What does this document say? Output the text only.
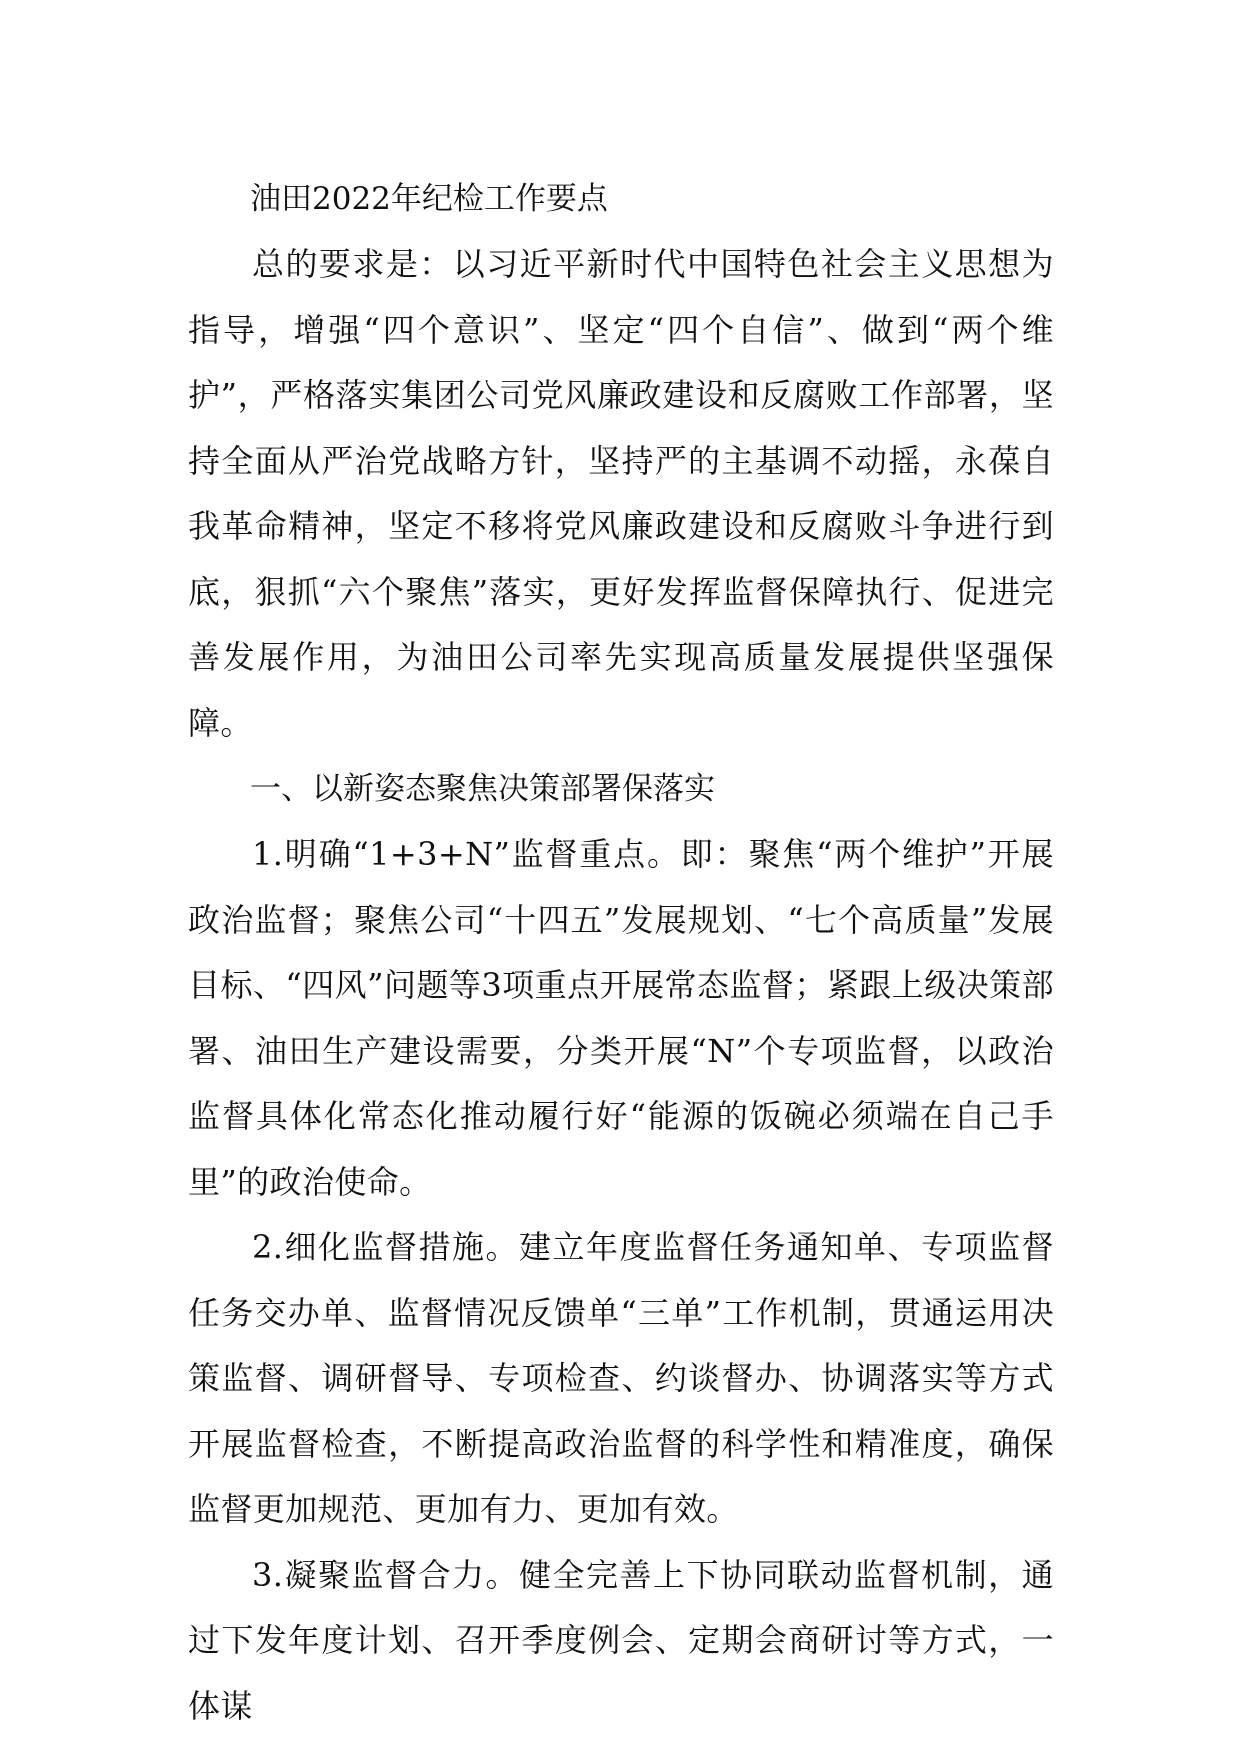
油田2022年纪检工作要点

总的要求是：以习近平新时代中国特色社会主义思想为指导，增强“四个意识”、坚定“四个自信”、做到“两个维护”，严格落实集团公司党风廉政建设和反腐败工作部署，坚持全面从严治党战略方针，坚持严的主基调不动摇，永葆自我革命精神，坚定不移将党风廉政建设和反腐败斗争进行到底，狠抓“六个聚焦”落实，更好发挥监督保障执行、促进完善发展作用，为油田公司率先实现高质量发展提供坚强保障。

一、以新姿态聚焦决策部署保落实

1.明确“1+3+N”监督重点。即：聚焦“两个维护”开展政治监督；聚焦公司“十四五”发展规划、“七个高质量”发展目标、“四风”问题等3项重点开展常态监督；紧跟上级决策部署、油田生产建设需要，分类开展“N”个专项监督，以政治监督具体化常态化推动履行好“能源的饭碗必须端在自己手里”的政治使命。

2.细化监督措施。建立年度监督任务通知单、专项监督任务交办单、监督情况反馈单“三单”工作机制，贯通运用决策监督、调研督导、专项检查、约谈督办、协调落实等方式开展监督检查，不断提高政治监督的科学性和精准度，确保监督更加规范、更加有力、更加有效。

3.凝聚监督合力。健全完善上下协同联动监督机制，通过下发年度计划、召开季度例会、定期会商研讨等方式，一体谋
